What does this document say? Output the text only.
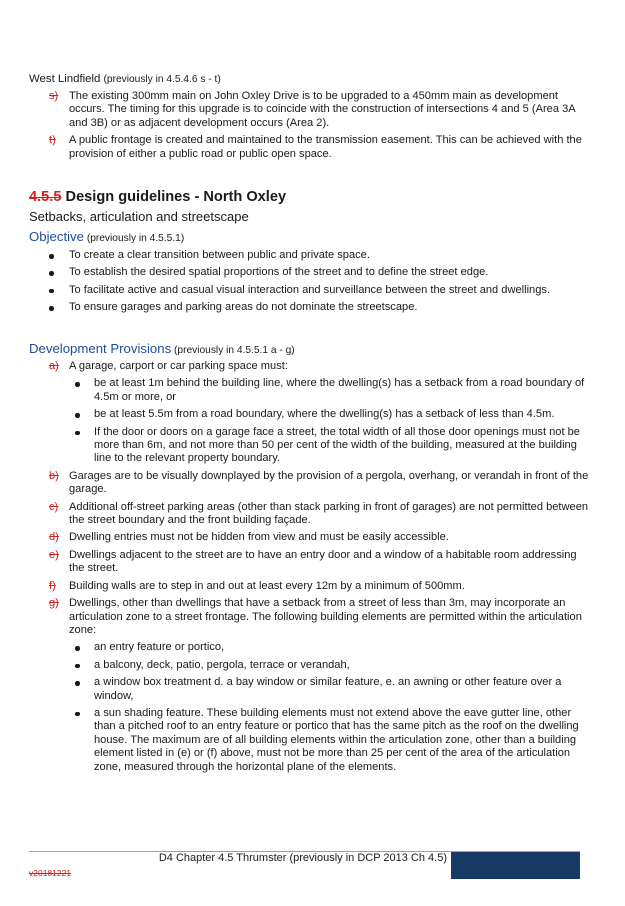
West Lindfield (previously in 4.5.4.6 s - t)
s) The existing 300mm main on John Oxley Drive is to be upgraded to a 450mm main as development occurs. The timing for this upgrade is to coincide with the construction of intersections 4 and 5 (Area 3A and 3B) or as adjacent development occurs (Area 2).
t) A public frontage is created and maintained to the transmission easement. This can be achieved with the provision of either a public road or public open space.
4.5.5 Design guidelines - North Oxley
Setbacks, articulation and streetscape
Objective (previously in 4.5.5.1)
To create a clear transition between public and private space.
To establish the desired spatial proportions of the street and to define the street edge.
To facilitate active and casual visual interaction and surveillance between the street and dwellings.
To ensure garages and parking areas do not dominate the streetscape.
Development Provisions (previously in 4.5.5.1 a - g)
a) A garage, carport or car parking space must:
be at least 1m behind the building line, where the dwelling(s) has a setback from a road boundary of 4.5m or more, or
be at least 5.5m from a road boundary, where the dwelling(s) has a setback of less than 4.5m.
If the door or doors on a garage face a street, the total width of all those door openings must not be more than 6m, and not more than 50 per cent of the width of the building, measured at the building line to the relevant property boundary.
b) Garages are to be visually downplayed by the provision of a pergola, overhang, or verandah in front of the garage.
c) Additional off-street parking areas (other than stack parking in front of garages) are not permitted between the street boundary and the front building façade.
d) Dwelling entries must not be hidden from view and must be easily accessible.
e) Dwellings adjacent to the street are to have an entry door and a window of a habitable room addressing the street.
f) Building walls are to step in and out at least every 12m by a minimum of 500mm.
g) Dwellings, other than dwellings that have a setback from a street of less than 3m, may incorporate an articulation zone to a street frontage. The following building elements are permitted within the articulation zone:
an entry feature or portico,
a balcony, deck, patio, pergola, terrace or verandah,
a window box treatment d. a bay window or similar feature, e. an awning or other feature over a window,
a sun shading feature. These building elements must not extend above the eave gutter line, other than a pitched roof to an entry feature or portico that has the same pitch as the roof on the dwelling house. The maximum are of all building elements within the articulation zone, other than a building element listed in (e) or (f) above, must not be more than 25 per cent of the area of the articulation zone, measured through the horizontal plane of the elements.
v20181221
D4 Chapter 4.5 Thrumster (previously in DCP 2013 Ch 4.5)
